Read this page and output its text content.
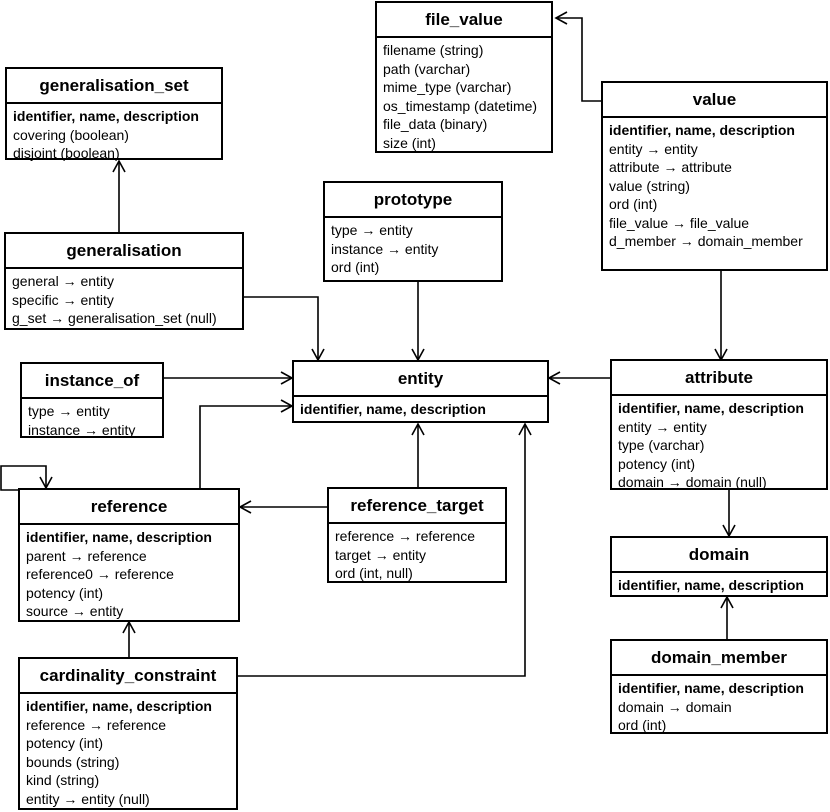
file_value
filename (string)
path (varchar)
mime_type (varchar)
os_timestamp (datetime)
file_data (binary)
size (int)
generalisation_set
identifier, name, description
covering (boolean)
disjoint (boolean)
value
identifier, name, description
entity → entity
attribute → attribute
value (string)
ord (int)
file_value → file_value
d_member → domain_member
prototype
type → entity
instance → entity
ord (int)
generalisation
general → entity
specific → entity
g_set → generalisation_set (null)
instance_of
type → entity
instance → entity
entity
identifier, name, description
attribute
identifier, name, description
entity → entity
type (varchar)
potency (int)
domain → domain (null)
reference
identifier, name, description
parent → reference
reference0 → reference
potency (int)
source → entity
reference_target
reference → reference
target → entity
ord (int, null)
domain
identifier, name, description
domain_member
identifier, name, description
domain → domain
ord (int)
cardinality_constraint
identifier, name, description
reference → reference
potency (int)
bounds (string)
kind (string)
entity → entity (null)
